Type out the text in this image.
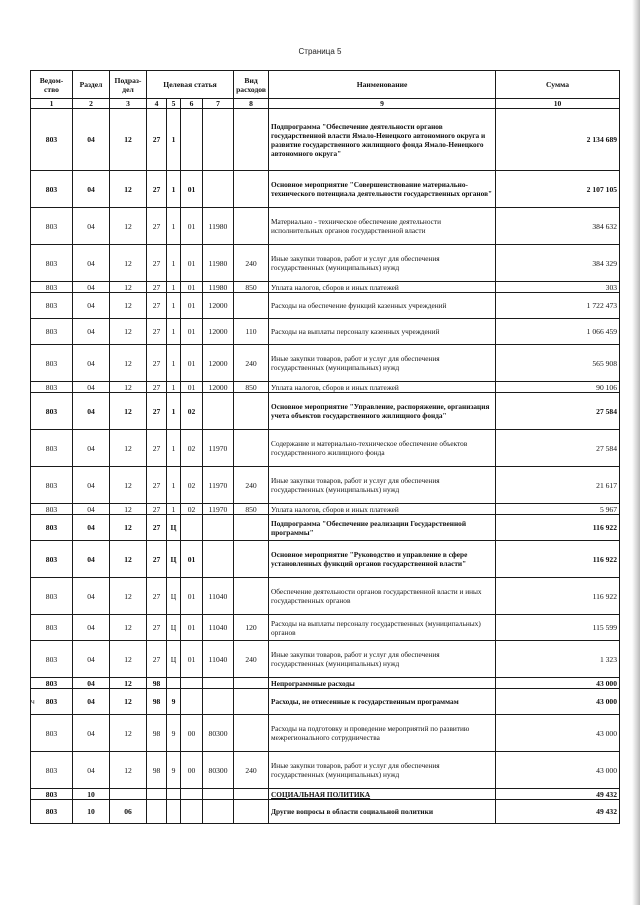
Страница 5
ч
Ведом-ство	Раздел	Подраз-дел	Целевая статья				Вид расходов	Наименование	Сумма
1	2	3	4	5	6	7	8	9	10
803	04	12	27	1				Подпрограмма "Обеспечение деятельности органов государственной власти Ямало-Ненецкого автономного округа и развитие государственного жилищного фонда Ямало-Ненецкого автономного округа"	2 134 689
803	04	12	27	1	01			Основное мероприятие "Совершенствование материально-технического потенциала деятельности государственных органов"	2 107 105
803	04	12	27	1	01	11980		Материально - техническое обеспечение деятельности исполнительных органов государственной власти	384 632
803	04	12	27	1	01	11980	240	Иные закупки товаров, работ и услуг для обеспечения государственных (муниципальных) нужд	384 329
803	04	12	27	1	01	11980	850	Уплата налогов, сборов и иных платежей	303
803	04	12	27	1	01	12000		Расходы на обеспечение функций казенных учреждений	1 722 473
803	04	12	27	1	01	12000	110	Расходы на выплаты персоналу казенных учреждений	1 066 459
803	04	12	27	1	01	12000	240	Иные закупки товаров, работ и услуг для обеспечения государственных (муниципальных) нужд	565 908
803	04	12	27	1	01	12000	850	Уплата налогов, сборов и иных платежей	90 106
803	04	12	27	1	02			Основное мероприятие "Управление, распоряжение, организация учета объектов государственного жилищного фонда"	27 584
803	04	12	27	1	02	11970		Содержание и материально-техническое обеспечение объектов государственного жилищного фонда	27 584
803	04	12	27	1	02	11970	240	Иные закупки товаров, работ и услуг для обеспечения государственных (муниципальных) нужд	21 617
803	04	12	27	1	02	11970	850	Уплата налогов, сборов и иных платежей	5 967
803	04	12	27	Ц				Подпрограмма "Обеспечение реализации Государственной программы"	116 922
803	04	12	27	Ц	01			Основное мероприятие "Руководство и управление в сфере установленных функций органов государственной власти"	116 922
803	04	12	27	Ц	01	11040		Обеспечение деятельности органов государственной власти и иных государственных органов	116 922
803	04	12	27	Ц	01	11040	120	Расходы на выплаты персоналу государственных (муниципальных) органов	115 599
803	04	12	27	Ц	01	11040	240	Иные закупки товаров, работ и услуг для обеспечения государственных (муниципальных) нужд	1 323
803	04	12	98					Непрограммные расходы	43 000
803	04	12	98	9				Расходы, не отнесенные к государственным программам	43 000
803	04	12	98	9	00	80300		Расходы на подготовку и проведение мероприятий по развитию межрегионального сотрудничества	43 000
803	04	12	98	9	00	80300	240	Иные закупки товаров, работ и услуг для обеспечения государственных (муниципальных) нужд	43 000
803	10							СОЦИАЛЬНАЯ ПОЛИТИКА	49 432
803	10	06						Другие вопросы в области социальной политики	49 432
